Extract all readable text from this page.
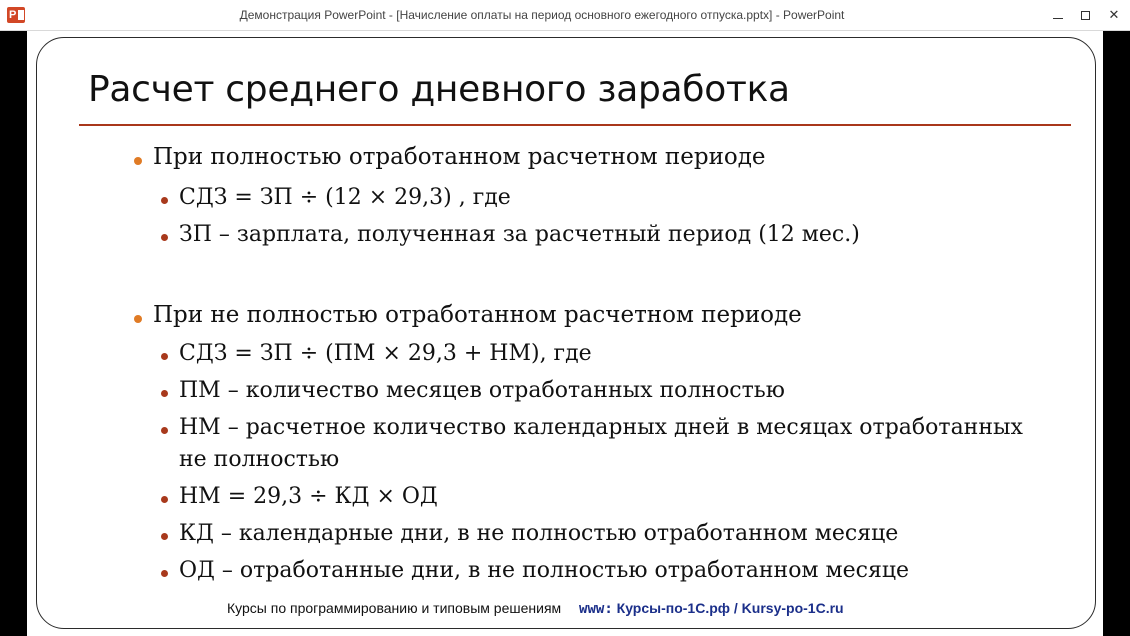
P	Демонстрация PowerPoint - [Начисление оплаты на период основного ежегодного отпуска.pptx] - PowerPoint	✕
Расчет среднего дневного заработка
При полностью отработанном расчетном периоде
СДЗ = ЗП ÷ (12 × 29,3) , где
ЗП – зарплата, полученная за расчетный период (12 мес.)
При не полностью отработанном расчетном периоде
СДЗ = ЗП ÷ (ПМ × 29,3 + НМ), где
ПМ – количество месяцев отработанных полностью
НМ – расчетное количество календарных дней в месяцах отработанных
не полностью
НМ = 29,3 ÷ КД × ОД
КД – календарные дни, в не полностью отработанном месяце
ОД – отработанные дни, в не полностью отработанном месяце
Курсы по программированию и типовым решениям www: Курсы-по-1С.рф / Kursy-po-1C.ru
